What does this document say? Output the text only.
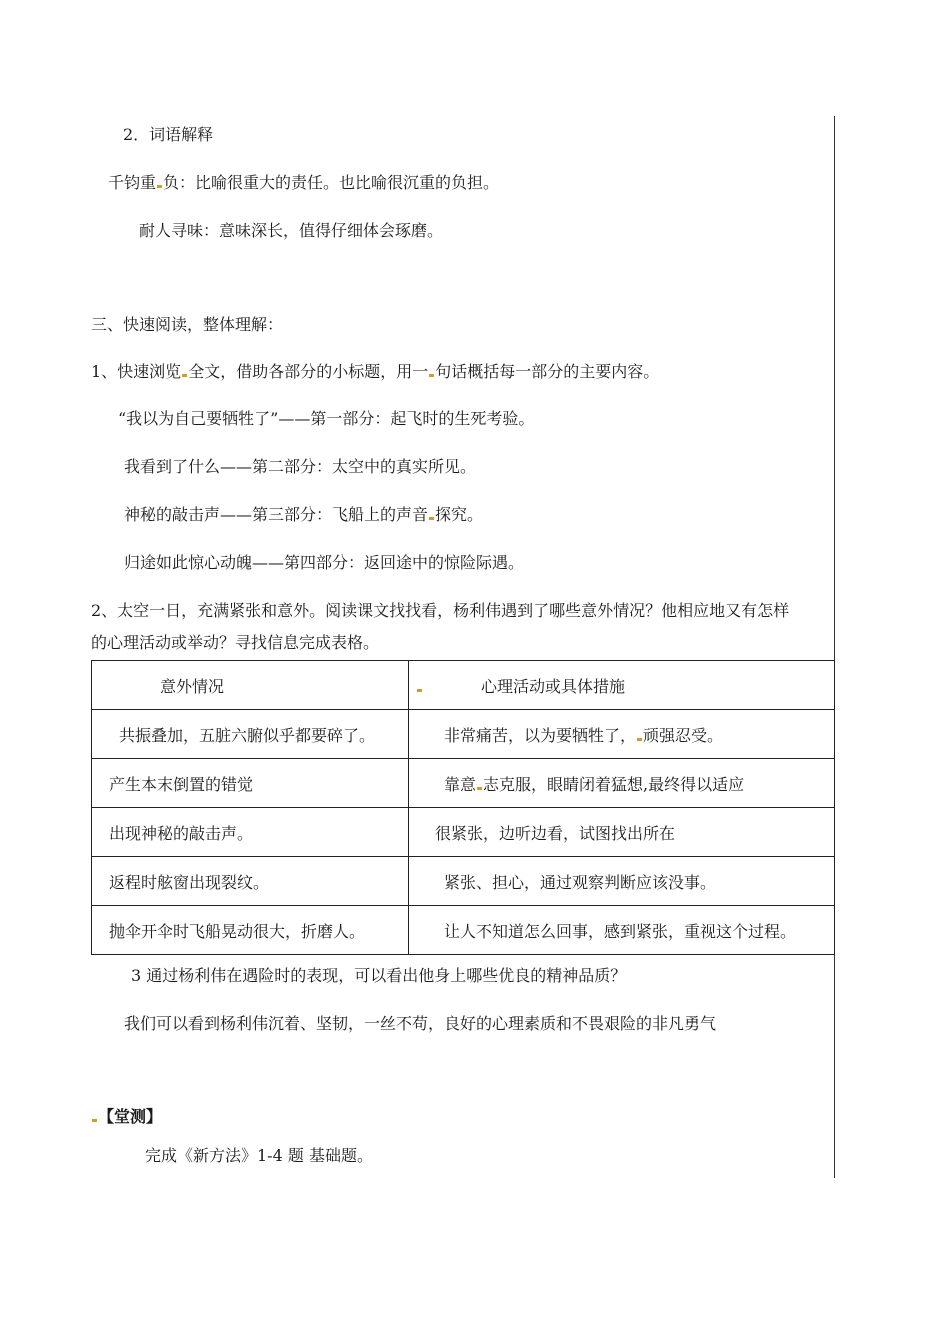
2．词语解释
千钧重 负：比喻很重大的责任。也比喻很沉重的负担。
耐人寻味：意味深长，值得仔细体会琢磨。
三、快速阅读，整体理解：
1、快速浏览 全文，借助各部分的小标题，用一 句话概括每一部分的主要内容。
“我以为自己要牺牲了”——第一部分：起飞时的生死考验。
我看到了什么——第二部分：太空中的真实所见。
神秘的敲击声——第三部分：飞船上的声音 探究。
归途如此惊心动魄——第四部分：返回途中的惊险际遇。
2、太空一日，充满紧张和意外。阅读课文找找看，杨利伟遇到了哪些意外情况？他相应地又有怎样
的心理活动或举动？寻找信息完成表格。
意外情况	心理活动或具体措施
共振叠加，五脏六腑似乎都要碎了。	非常痛苦，以为要牺牲了， 顽强忍受。
产生本末倒置的错觉	靠意 志克服，眼睛闭着猛想,最终得以适应
出现神秘的敲击声。	很紧张，边听边看，试图找出所在
返程时舷窗出现裂纹。	紧张、担心，通过观察判断应该没事。
抛伞开伞时飞船晃动很大，折磨人。	让人不知道怎么回事，感到紧张，重视这个过程。
3 通过杨利伟在遇险时的表现，可以看出他身上哪些优良的精神品质？
我们可以看到杨利伟沉着、坚韧，一丝不苟，良好的心理素质和不畏艰险的非凡勇气
【堂测】
完成《新方法》1-4 题 基础题。
